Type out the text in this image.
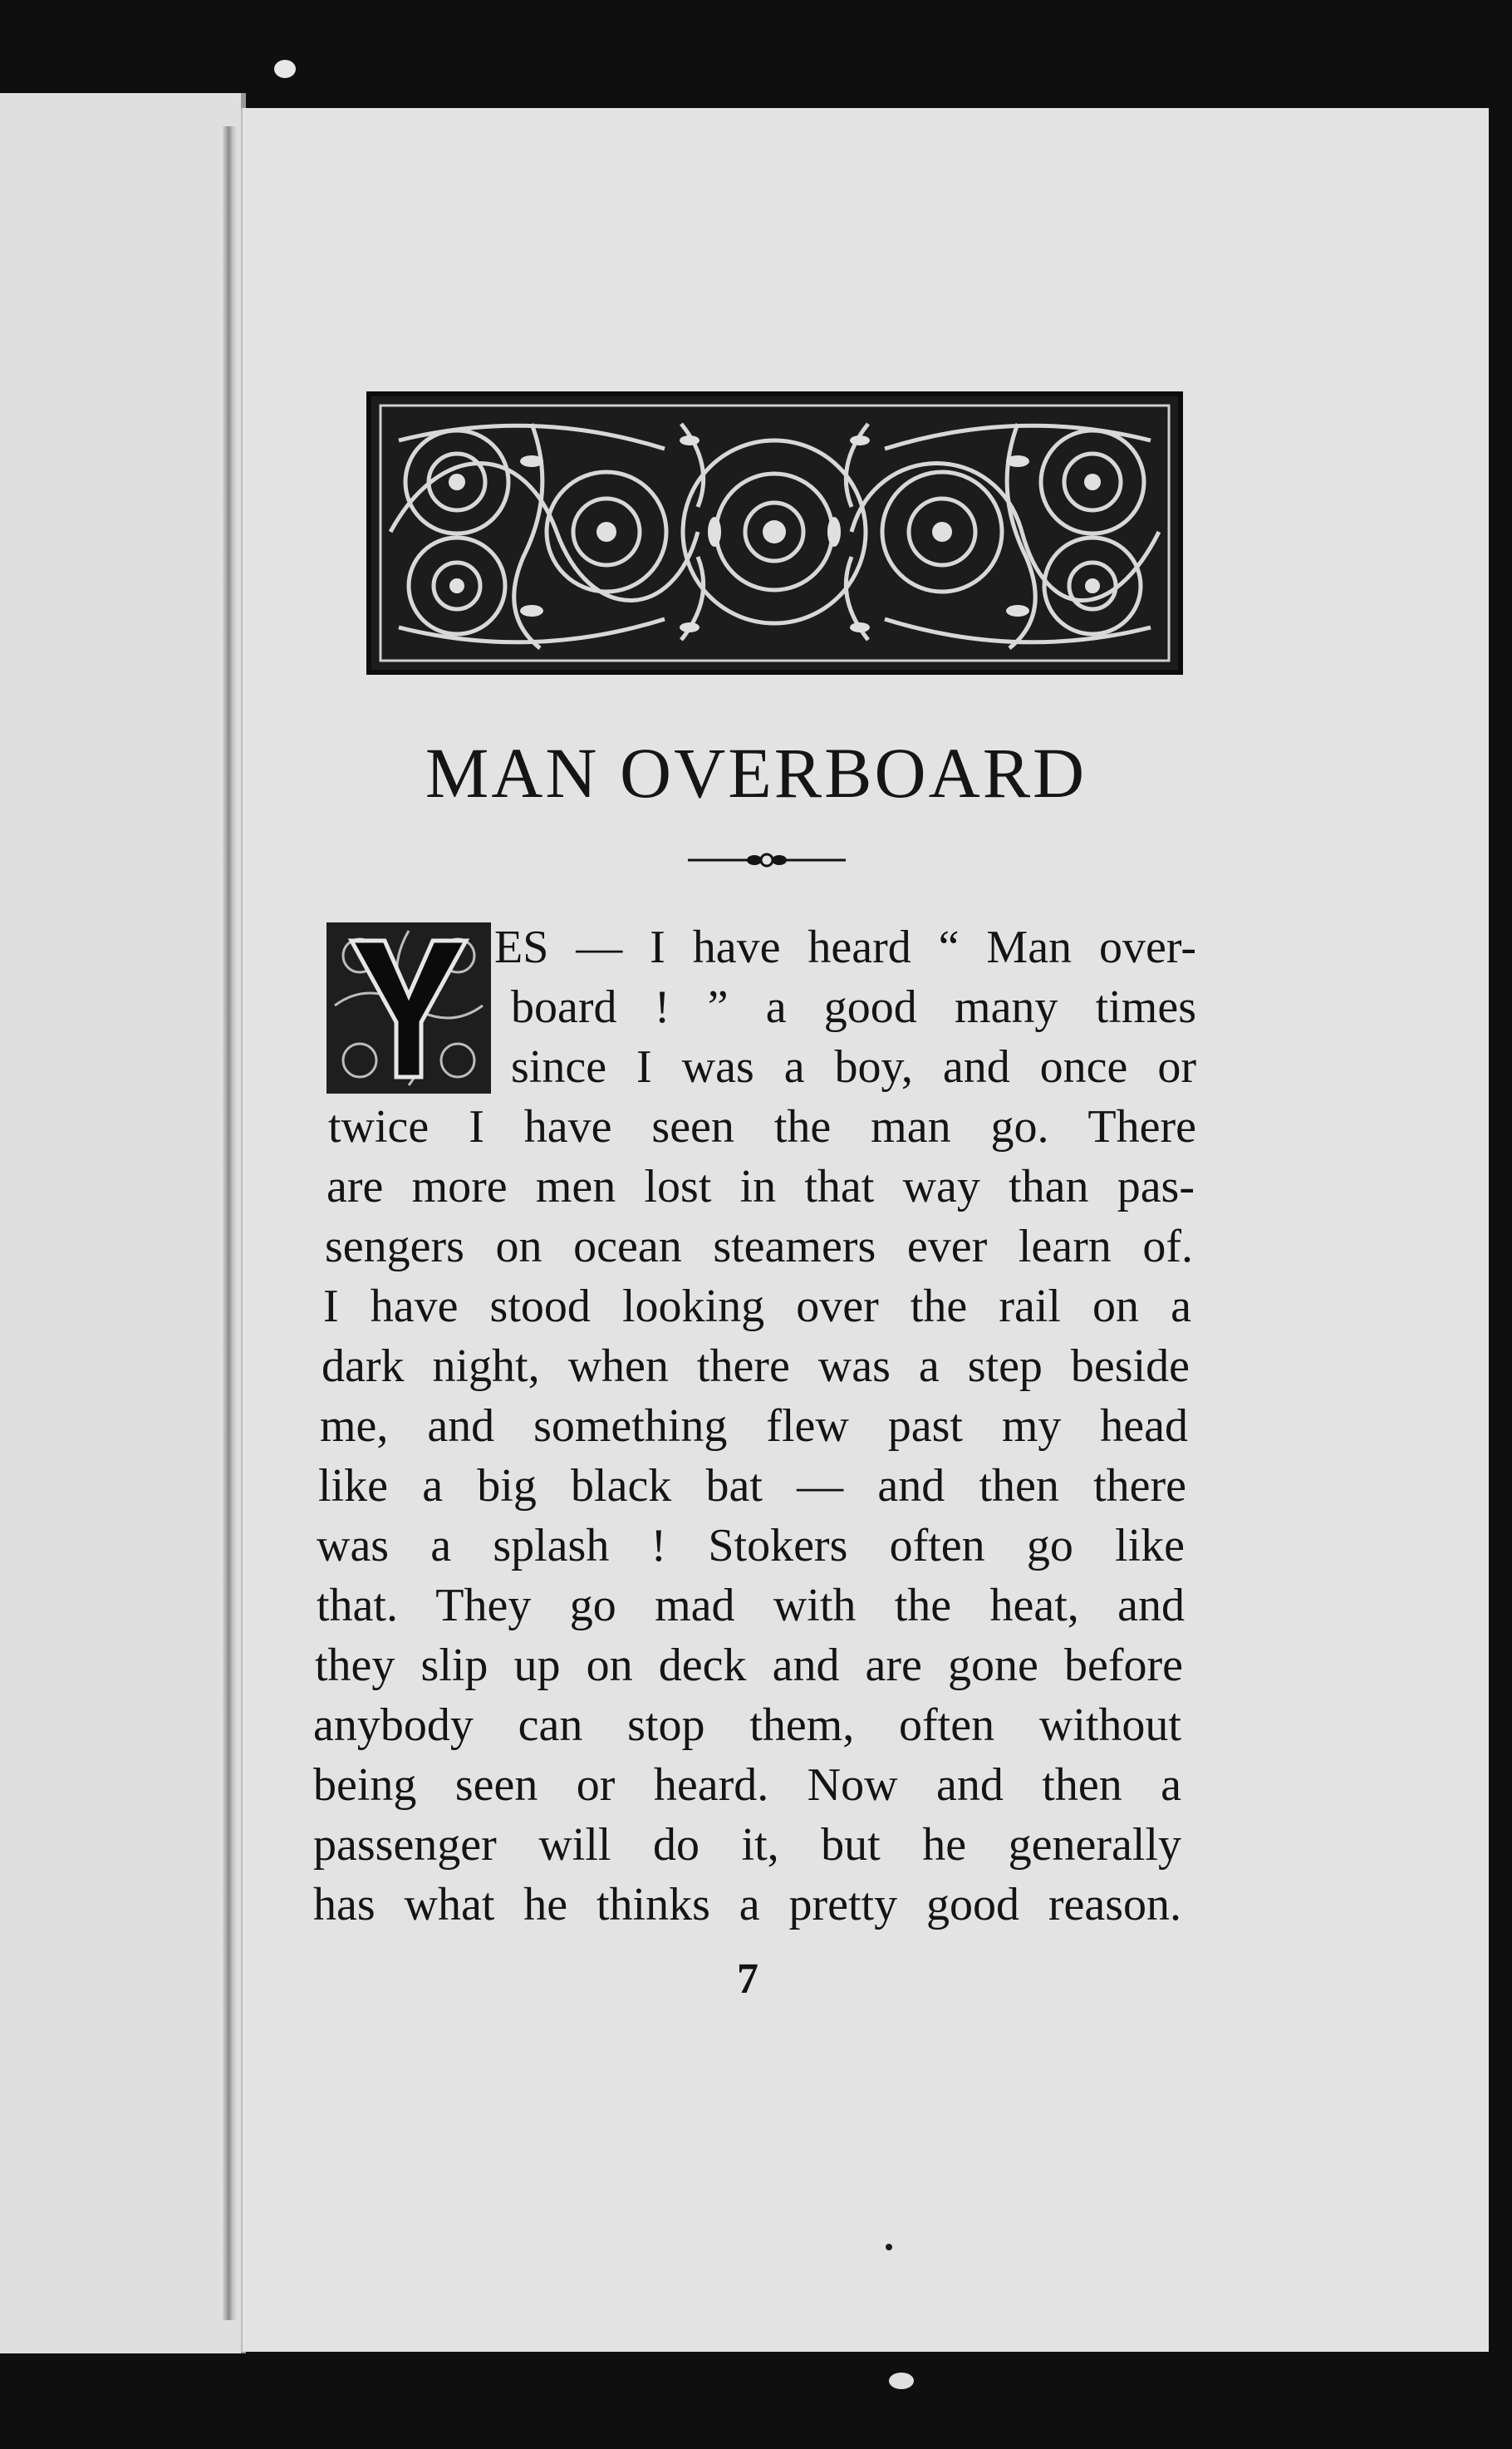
MAN OVERBOARD
ES — I have heard “ Man over-
board ! ” a good many times
since I was a boy, and once or
twice I have seen the man go. There
are more men lost in that way than pas-
sengers on ocean steamers ever learn of.
I have stood looking over the rail on a
dark night, when there was a step beside
me, and something flew past my head
like a big black bat — and then there
was a splash ! Stokers often go like
that. They go mad with the heat, and
they slip up on deck and are gone before
anybody can stop them, often without
being seen or heard. Now and then a
passenger will do it, but he generally
has what he thinks a pretty good reason.
7
